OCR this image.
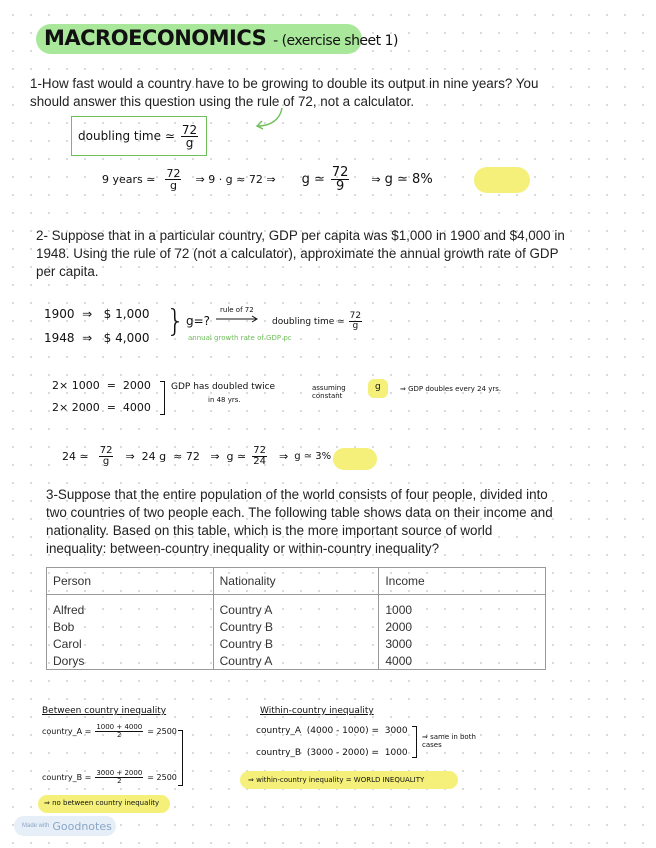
MACROECONOMICS - (exercise sheet 1)
1-How fast would a country have to be growing to double its output in nine years? You should answer this question using the rule of 72, not a calculator.
doubling time ≃ $\frac{72}{g}$
9 years ≃ $\frac{72}{g}$ ⇒ 9 · g ≈ 72 ⇒ g ≃ $\frac{72}{9}$ ⇒ g ≃ 8%
2- Suppose that in a particular country, GDP per capita was $1,000 in 1900 and $4,000 in 1948. Using the rule of 72 (not a calculator), approximate the annual growth rate of GDP per capita.
1900  ⇒   $ 1,000
1948  ⇒   $ 4,000 } g=?
rule of 72
doubling time ≃ $\frac{72}{g}$
annual growth rate of GDP pc
2× 1000  =  2000
2× 2000  =  4000
GDP has doubled twice
in 48 yrs.
assuming constant
g	⇒ GDP doubles every 24 yrs.
24 ≃ $\frac{72}{g}$ ⇒  24 g  ≈ 72   ⇒  g ≃ $\frac{72}{24}$ ⇒ g ≃ 3%
3-Suppose that the entire population of the world consists of four people, divided into two countries of two people each. The following table shows data on their income and nationality. Based on this table, which is the more important source of world inequality: between-country inequality or within-country inequality?
Person	Nationality	Income
Alfred	Country A	1000
Bob	Country B	2000
Carol	Country B	3000
Dorys	Country A	4000
Between country inequality
country_A = $\frac{1000 + 4000}{2} = 2500$
country_B = $\frac{3000 + 2000}{2} = 2500$
⇒ no between country inequality
Within-country inequality
country_A  (4000 - 1000) =  3000
country_B  (3000 - 2000) =  1000
⇒ same in both cases
⇒ within-country inequality = WORLD INEQUALITY
Made with Goodnotes
